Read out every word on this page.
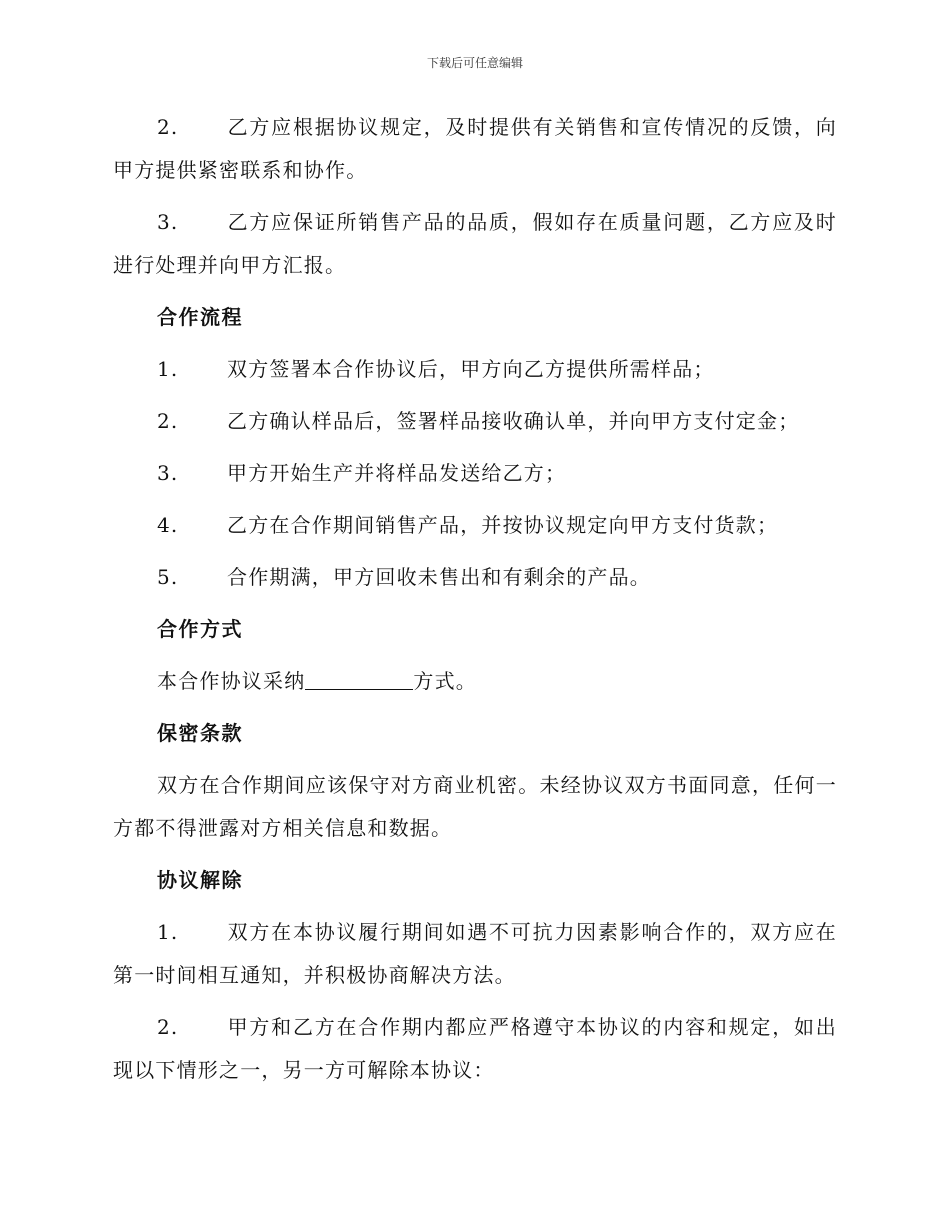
下载后可任意编辑

2. 乙方应根据协议规定，及时提供有关销售和宣传情况的反馈，向甲方提供紧密联系和协作。

3. 乙方应保证所销售产品的品质，假如存在质量问题，乙方应及时进行处理并向甲方汇报。

合作流程

1. 双方签署本合作协议后，甲方向乙方提供所需样品；

2. 乙方确认样品后，签署样品接收确认单，并向甲方支付定金；

3. 甲方开始生产并将样品发送给乙方；

4. 乙方在合作期间销售产品，并按协议规定向甲方支付货款；

5. 合作期满，甲方回收未售出和有剩余的产品。

合作方式

本合作协议采纳	方式。

保密条款

双方在合作期间应该保守对方商业机密。未经协议双方书面同意，任何一方都不得泄露对方相关信息和数据。

协议解除

1. 双方在本协议履行期间如遇不可抗力因素影响合作的，双方应在第一时间相互通知，并积极协商解决方法。

2. 甲方和乙方在合作期内都应严格遵守本协议的内容和规定，如出现以下情形之一，另一方可解除本协议：
